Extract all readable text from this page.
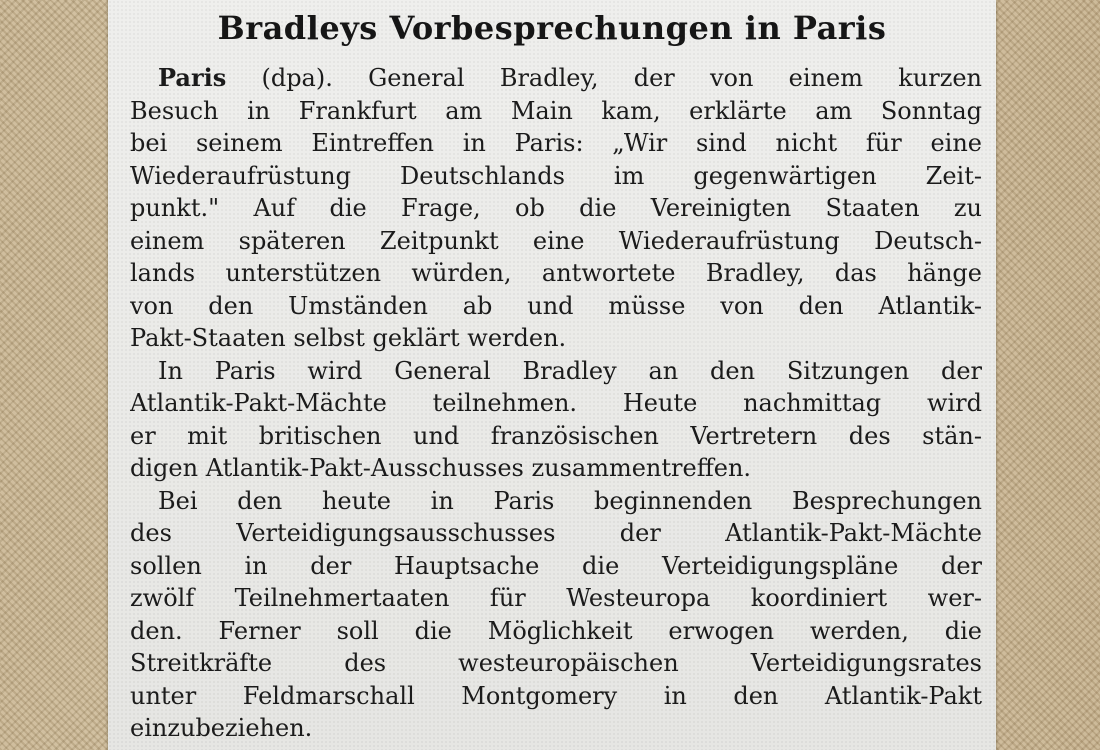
Bradleys Vorbesprechungen in Paris
Paris (dpa). General Bradley, der von einem kurzen
Besuch in Frankfurt am Main kam, erklärte am Sonntag
bei seinem Eintreffen in Paris: „Wir sind nicht für eine
Wiederaufrüstung Deutschlands im gegenwärtigen Zeit-
punkt." Auf die Frage, ob die Vereinigten Staaten zu
einem späteren Zeitpunkt eine Wiederaufrüstung Deutsch-
lands unterstützen würden, antwortete Bradley, das hänge
von den Umständen ab und müsse von den Atlantik-
Pakt-Staaten selbst geklärt werden.
In Paris wird General Bradley an den Sitzungen der
Atlantik-Pakt-Mächte teilnehmen. Heute nachmittag wird
er mit britischen und französischen Vertretern des stän-
digen Atlantik-Pakt-Ausschusses zusammentreffen.
Bei den heute in Paris beginnenden Besprechungen
des Verteidigungsausschusses der Atlantik-Pakt-Mächte
sollen in der Hauptsache die Verteidigungspläne der
zwölf Teilnehmertaaten für Westeuropa koordiniert wer-
den. Ferner soll die Möglichkeit erwogen werden, die
Streitkräfte des westeuropäischen Verteidigungsrates
unter Feldmarschall Montgomery in den Atlantik-Pakt
einzubeziehen.
